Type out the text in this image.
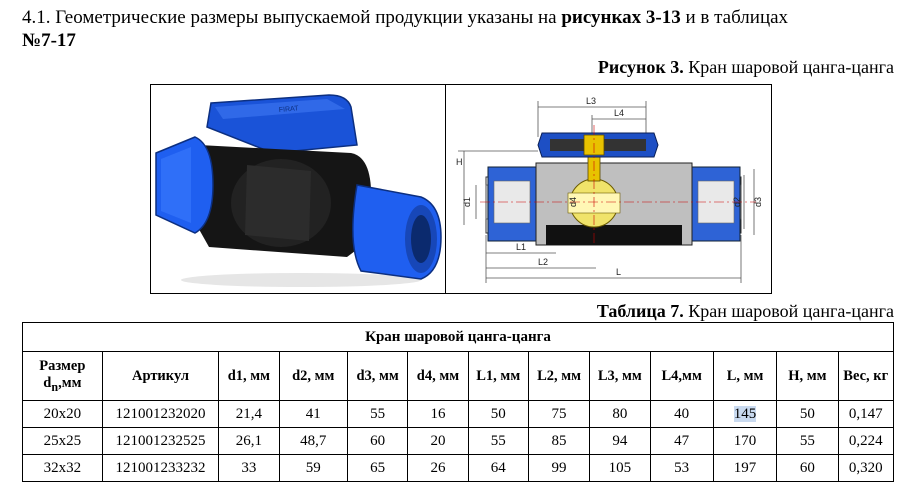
4.1. Геометрические размеры выпускаемой продукции указаны на рисунках 3-13 и в таблицах
№7-17
Рисунок 3. Кран шаровой цанга-цанга
FIRAT
L3
L4
H
d1	d4	d2 d3
L1
L2
L
Таблица 7. Кран шаровой цанга-цанга
Кран шаровой цанга-цанга												
Размер
$d_n,мм$	Артикул	d1, мм	d2, мм	d3, мм	d4, мм	L1, мм	L2, мм	L3, мм	L4,мм	L, мм	H, мм	Вес, кг
20x20	121001232020	21,4	41	55	16	50	75	80	40	145	50	0,147
25x25	121001232525	26,1	48,7	60	20	55	85	94	47	170	55	0,224
32x32	121001233232	33	59	65	26	64	99	105	53	197	60	0,320
